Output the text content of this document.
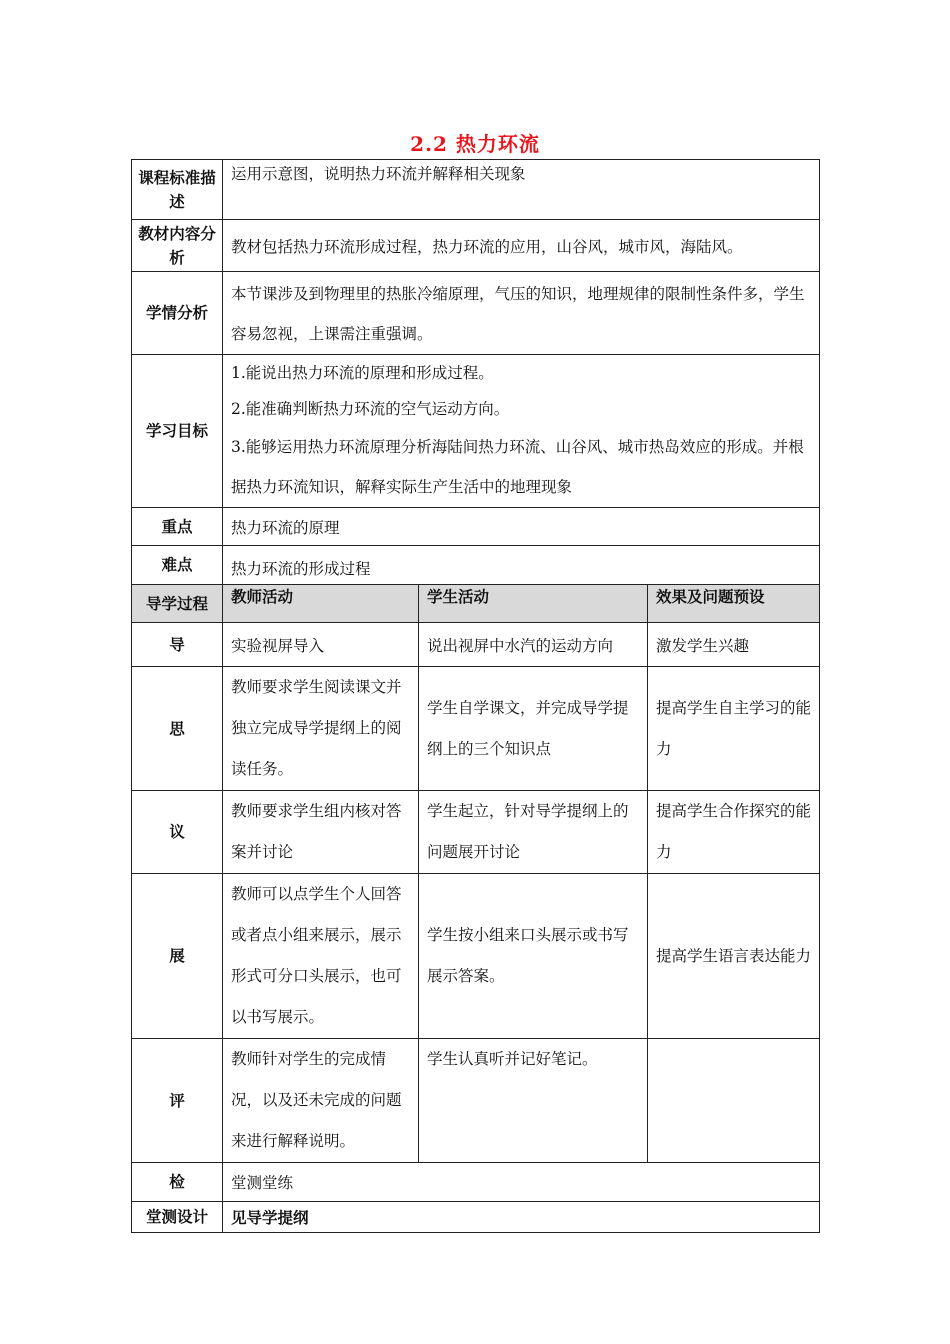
2.2 热力环流
课程标准描述	运用示意图，说明热力环流并解释相关现象		
教材内容分析	教材包括热力环流形成过程，热力环流的应用，山谷风，城市风，海陆风。		
学情分析	本节课涉及到物理里的热胀冷缩原理，气压的知识，地理规律的限制性条件多，学生容易忽视，上课需注重强调。		
学习目标	1.能说出热力环流的原理和形成过程。
2.能准确判断热力环流的空气运动方向。
3.能够运用热力环流原理分析海陆间热力环流、山谷风、城市热岛效应的形成。并根据热力环流知识，解释实际生产生活中的地理现象		

重点	热力环流的原理		
难点	热力环流的形成过程		
导学过程	教师活动	学生活动	效果及问题预设
导	实验视屏导入	说出视屏中水汽的运动方向	激发学生兴趣
思	教师要求学生阅读课文并独立完成导学提纲上的阅读任务。	学生自学课文，并完成导学提纲上的三个知识点	提高学生自主学习的能力
议	教师要求学生组内核对答案并讨论	学生起立，针对导学提纲上的问题展开讨论	提高学生合作探究的能力
展	教师可以点学生个人回答或者点小组来展示，展示形式可分口头展示，也可以书写展示。	学生按小组来口头展示或书写展示答案。	提高学生语言表达能力
评	教师针对学生的完成情况，以及还未完成的问题来进行解释说明。	学生认真听并记好笔记。	
检	堂测堂练		
堂测设计	见导学提纲		
